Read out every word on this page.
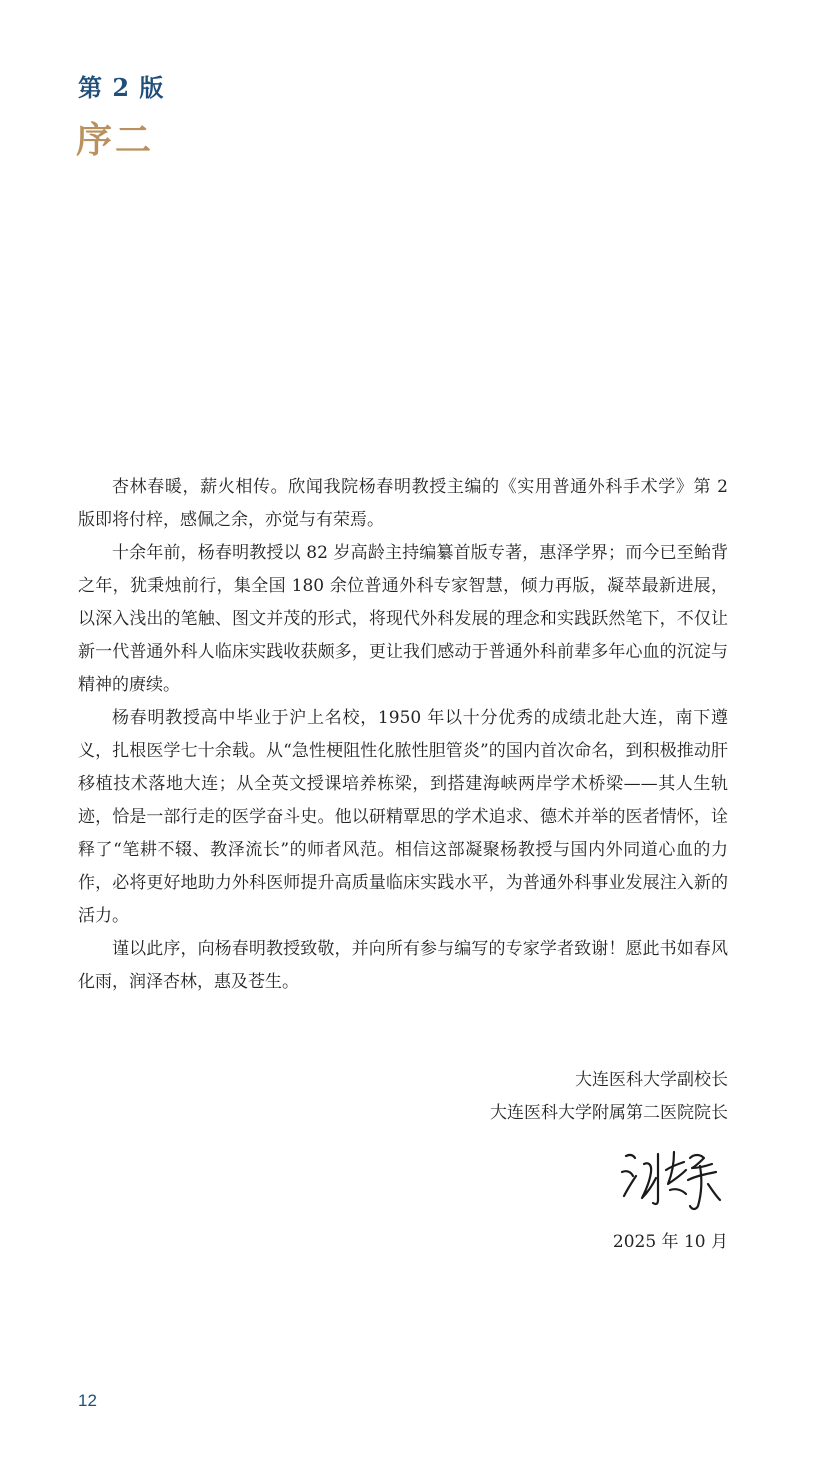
第 2 版
序二

杏林春暖，薪火相传。欣闻我院杨春明教授主编的《实用普通外科手术学》第 2 版即将付梓，感佩之余，亦觉与有荣焉。

十余年前，杨春明教授以 82 岁高龄主持编纂首版专著，惠泽学界；而今已至鲐背之年，犹秉烛前行，集全国 180 余位普通外科专家智慧，倾力再版，凝萃最新进展，以深入浅出的笔触、图文并茂的形式，将现代外科发展的理念和实践跃然笔下，不仅让新一代普通外科人临床实践收获颇多，更让我们感动于普通外科前辈多年心血的沉淀与精神的赓续。

杨春明教授高中毕业于沪上名校，1950 年以十分优秀的成绩北赴大连，南下遵义，扎根医学七十余载。从“急性梗阻性化脓性胆管炎”的国内首次命名，到积极推动肝移植技术落地大连；从全英文授课培养栋梁，到搭建海峡两岸学术桥梁——其人生轨迹，恰是一部行走的医学奋斗史。他以研精覃思的学术追求、德术并举的医者情怀，诠释了“笔耕不辍、教泽流长”的师者风范。相信这部凝聚杨教授与国内外同道心血的力作，必将更好地助力外科医师提升高质量临床实践水平，为普通外科事业发展注入新的活力。

谨以此序，向杨春明教授致敬，并向所有参与编写的专家学者致谢！愿此书如春风化雨，润泽杏林，惠及苍生。

大连医科大学副校长
大连医科大学附属第二医院院长
2025 年 10 月
12
